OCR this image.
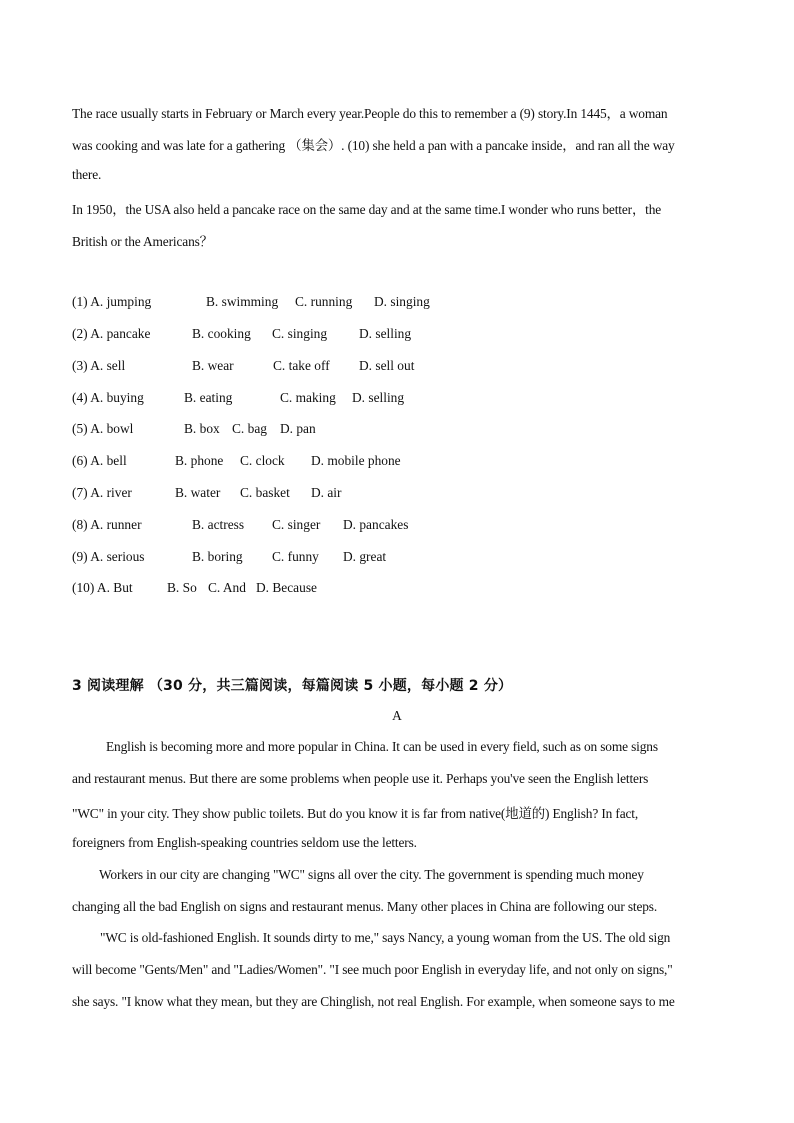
The race usually starts in February or March every year.People do this to remember a (9) story.In 1445，a woman
was cooking and was late for a gathering （集会）. (10) she held a pan with a pancake inside，and ran all the way
there.
In 1950，the USA also held a pancake race on the same day and at the same time.I wonder who runs better，the
British or the Americans？
(1) A. jumping	B. swimming C. running D. singing
(2) A. pancake	B. cooking C. singing D. selling
(3) A. sell	B. wear	C. take off D. sell out
(4) A. buying	B. eating	C. making D. selling
(5) A. bowl	B. box C. bag D. pan
(6) A. bell	B. phone C. clock D. mobile phone
(7) A. river	B. water C. basket D. air
(8) A. runner	B. actress C. singer D. pancakes
(9) A. serious	B. boring C. funny D. great
(10) A. But	B. So C. And D. Because
3 阅读理解 （30 分，共三篇阅读，每篇阅读 5 小题，每小题 2 分）
A
English is becoming more and more popular in China. It can be used in every field, such as on some signs
and restaurant menus. But there are some problems when people use it. Perhaps you've seen the English letters
"WC" in your city. They show public toilets. But do you know it is far from native(地道的) English? In fact,
foreigners from English-speaking countries seldom use the letters.
Workers in our city are changing "WC" signs all over the city. The government is spending much money
changing all the bad English on signs and restaurant menus. Many other places in China are following our steps.
"WC is old-fashioned English. It sounds dirty to me," says Nancy, a young woman from the US. The old sign
will become "Gents/Men" and "Ladies/Women". "I see much poor English in everyday life, and not only on signs,"
she says. "I know what they mean, but they are Chinglish, not real English. For example, when someone says to me
